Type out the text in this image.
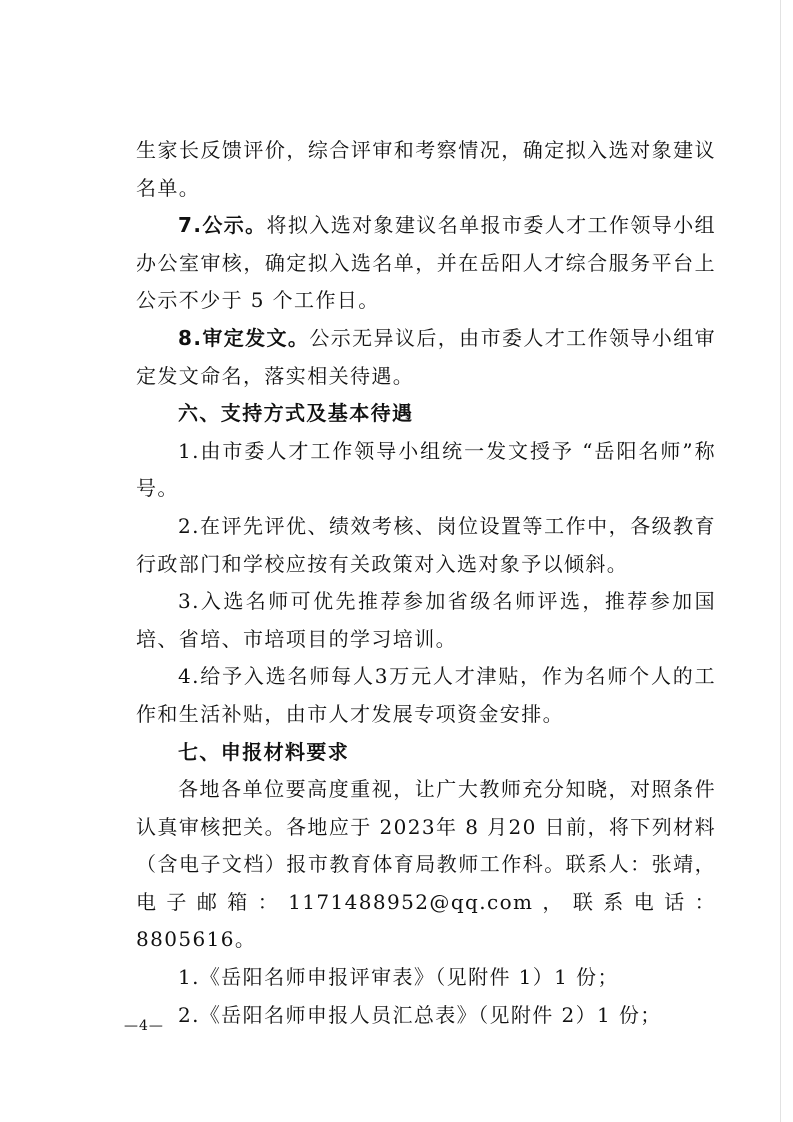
生家长反馈评价，综合评审和考察情况，确定拟入选对象建议名单。

7.公示。将拟入选对象建议名单报市委人才工作领导小组办公室审核，确定拟入选名单，并在岳阳人才综合服务平台上公示不少于 5 个工作日。

8.审定发文。公示无异议后，由市委人才工作领导小组审定发文命名，落实相关待遇。

六、支持方式及基本待遇

1.由市委人才工作领导小组统一发文授予 “岳阳名师”称号。

2.在评先评优、绩效考核、岗位设置等工作中，各级教育行政部门和学校应按有关政策对入选对象予以倾斜。

3.入选名师可优先推荐参加省级名师评选，推荐参加国培、省培、市培项目的学习培训。

4.给予入选名师每人3万元人才津贴，作为名师个人的工作和生活补贴，由市人才发展专项资金安排。

七、申报材料要求

各地各单位要高度重视，让广大教师充分知晓，对照条件认真审核把关。各地应于 2023年 8 月20 日前，将下列材料（含电子文档）报市教育体育局教师工作科。联系人：张靖，电子邮箱：1171488952@qq.com，联系电话：8805616。

1.《岳阳名师申报评审表》（见附件 1）1 份；

2.《岳阳名师申报人员汇总表》（见附件 2）1 份；

—4—
